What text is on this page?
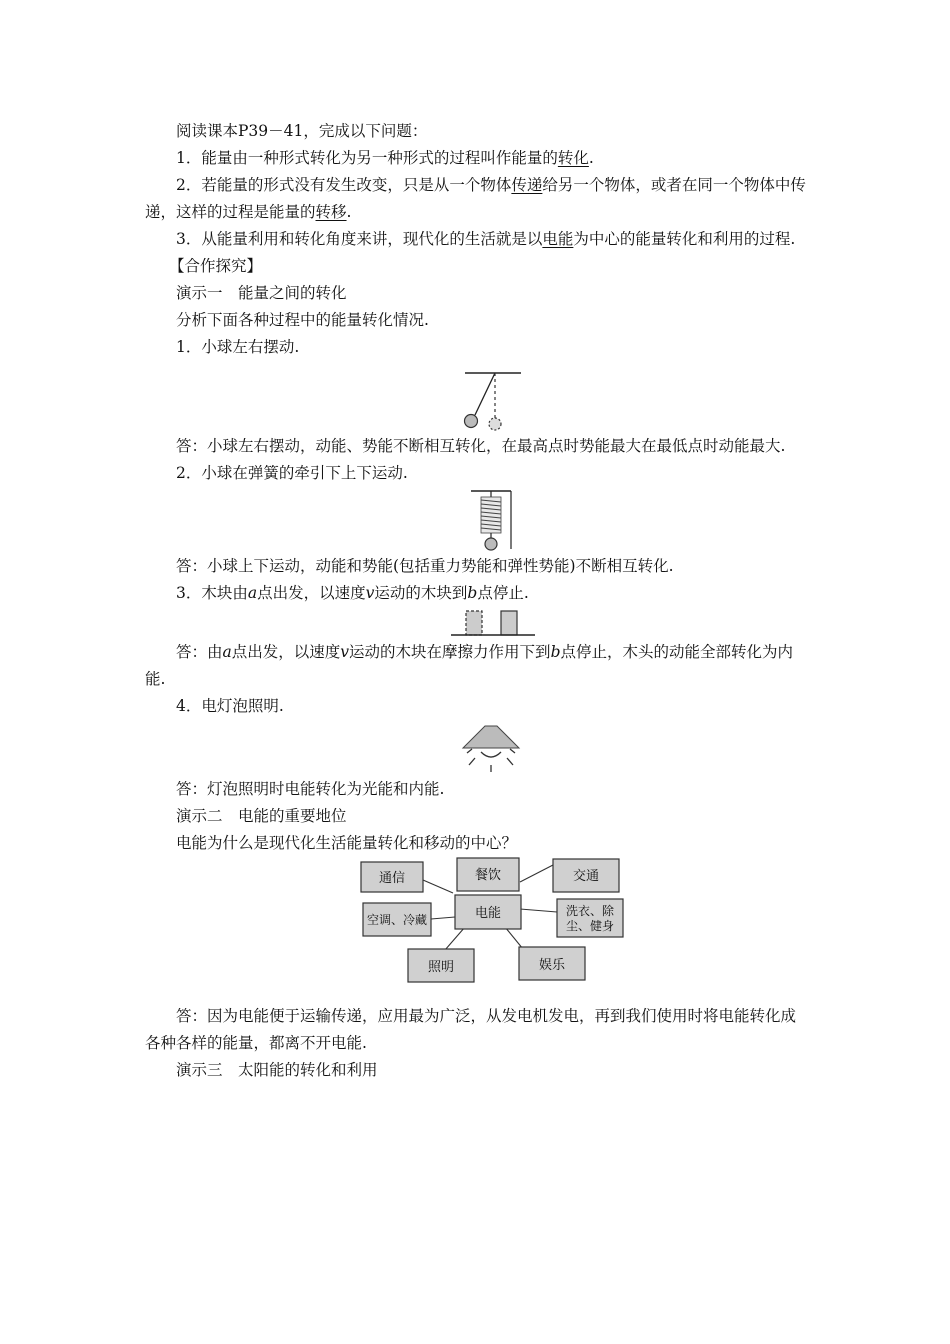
阅读课本P39－41，完成以下问题：

1．能量由一种形式转化为另一种形式的过程叫作能量的转化.

2．若能量的形式没有发生改变，只是从一个物体传递给另一个物体，或者在同一个物体中传递，这样的过程是能量的转移.

3．从能量利用和转化角度来讲，现代化的生活就是以电能为中心的能量转化和利用的过程.

【合作探究】

演示一　能量之间的转化

分析下面各种过程中的能量转化情况.

1．小球左右摆动.

答：小球左右摆动，动能、势能不断相互转化，在最高点时势能最大在最低点时动能最大.

2．小球在弹簧的牵引下上下运动.

答：小球上下运动，动能和势能(包括重力势能和弹性势能)不断相互转化.

3．木块由a点出发，以速度v运动的木块到b点停止.

答：由a点出发，以速度v运动的木块在摩擦力作用下到b点停止，木头的动能全部转化为内能.

4．电灯泡照明.

答：灯泡照明时电能转化为光能和内能.

演示二　电能的重要地位

电能为什么是现代化生活能量转化和移动的中心？

电能
通信	餐饮	交通
空调、冷藏
洗衣、除
尘、健身
照明	娱乐

答：因为电能便于运输传递，应用最为广泛，从发电机发电，再到我们使用时将电能转化成各种各样的能量，都离不开电能.

演示三　太阳能的转化和利用
